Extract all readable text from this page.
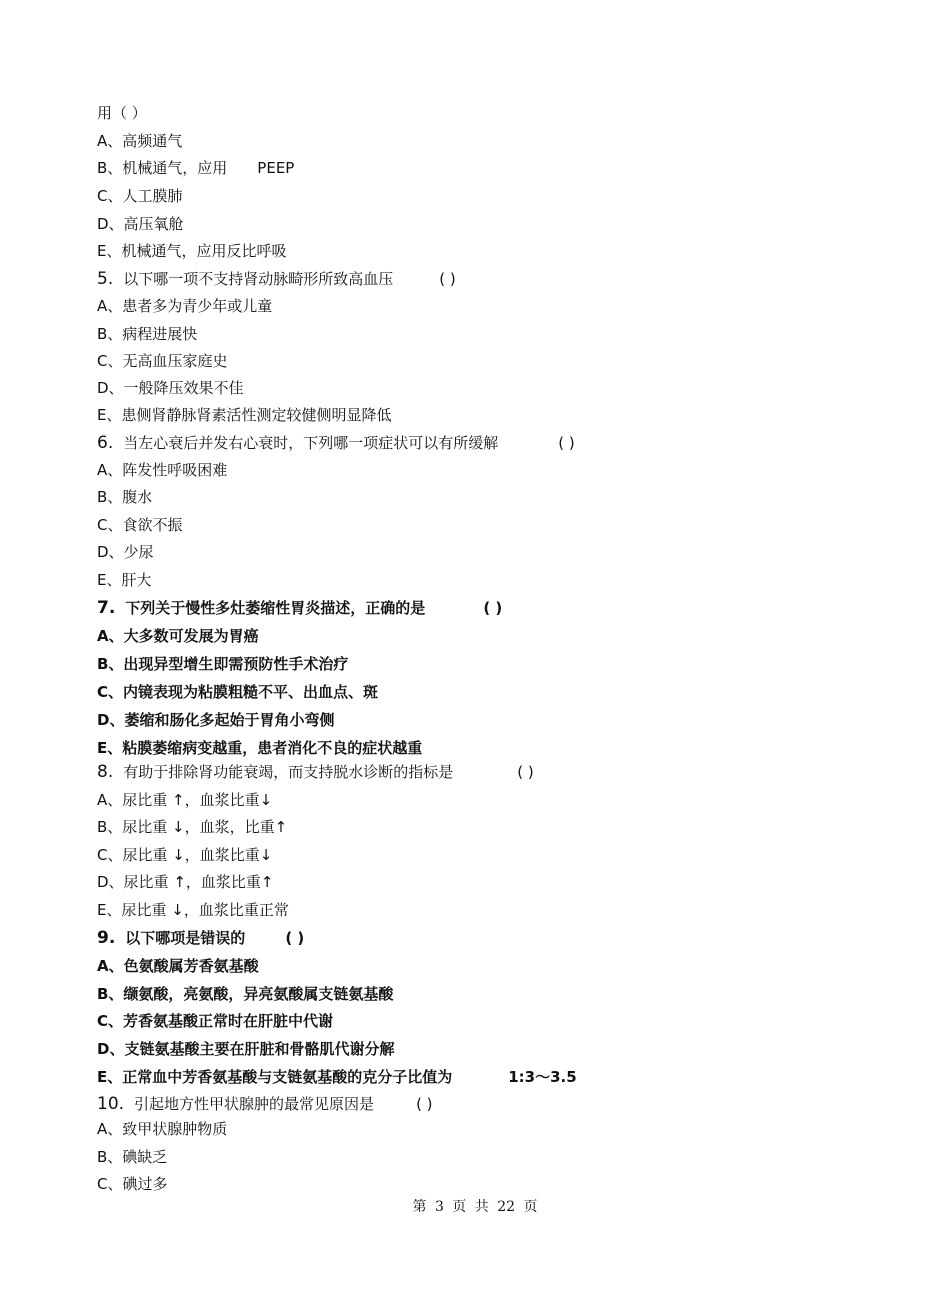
用（ ）
A、高频通气
B、机械通气，应用 PEEP
C、人工膜肺
D、高压氧舱
E、机械通气，应用反比呼吸
5. 以下哪一项不支持肾动脉畸形所致高血压	( )
A、患者多为青少年或儿童
B、病程进展快
C、无高血压家庭史
D、一般降压效果不佳
E、患侧肾静脉肾素活性测定较健侧明显降低
6. 当左心衰后并发右心衰时，下列哪一项症状可以有所缓解	( )
A、阵发性呼吸困难
B、腹水
C、食欲不振
D、少尿
E、肝大
7. 下列关于慢性多灶萎缩性胃炎描述，正确的是	( )
A、大多数可发展为胃癌
B、出现异型增生即需预防性手术治疗
C、内镜表现为粘膜粗糙不平、出血点、斑
D、萎缩和肠化多起始于胃角小弯侧
E、粘膜萎缩病变越重，患者消化不良的症状越重
8. 有助于排除肾功能衰竭，而支持脱水诊断的指标是	( )
A、尿比重 ↑，血浆比重↓
B、尿比重 ↓，血浆，比重↑
C、尿比重 ↓，血浆比重↓
D、尿比重 ↑，血浆比重↑
E、尿比重 ↓，血浆比重正常
9. 以下哪项是错误的	( )
A、色氨酸属芳香氨基酸
B、缬氨酸，亮氨酸，异亮氨酸属支链氨基酸
C、芳香氨基酸正常时在肝脏中代谢
D、支链氨基酸主要在肝脏和骨骼肌代谢分解
E、正常血中芳香氨基酸与支链氨基酸的克分子比值为	1:3～3.5
10. 引起地方性甲状腺肿的最常见原因是	( )
A、致甲状腺肿物质
B、碘缺乏
C、碘过多
第 3 页 共 22 页
